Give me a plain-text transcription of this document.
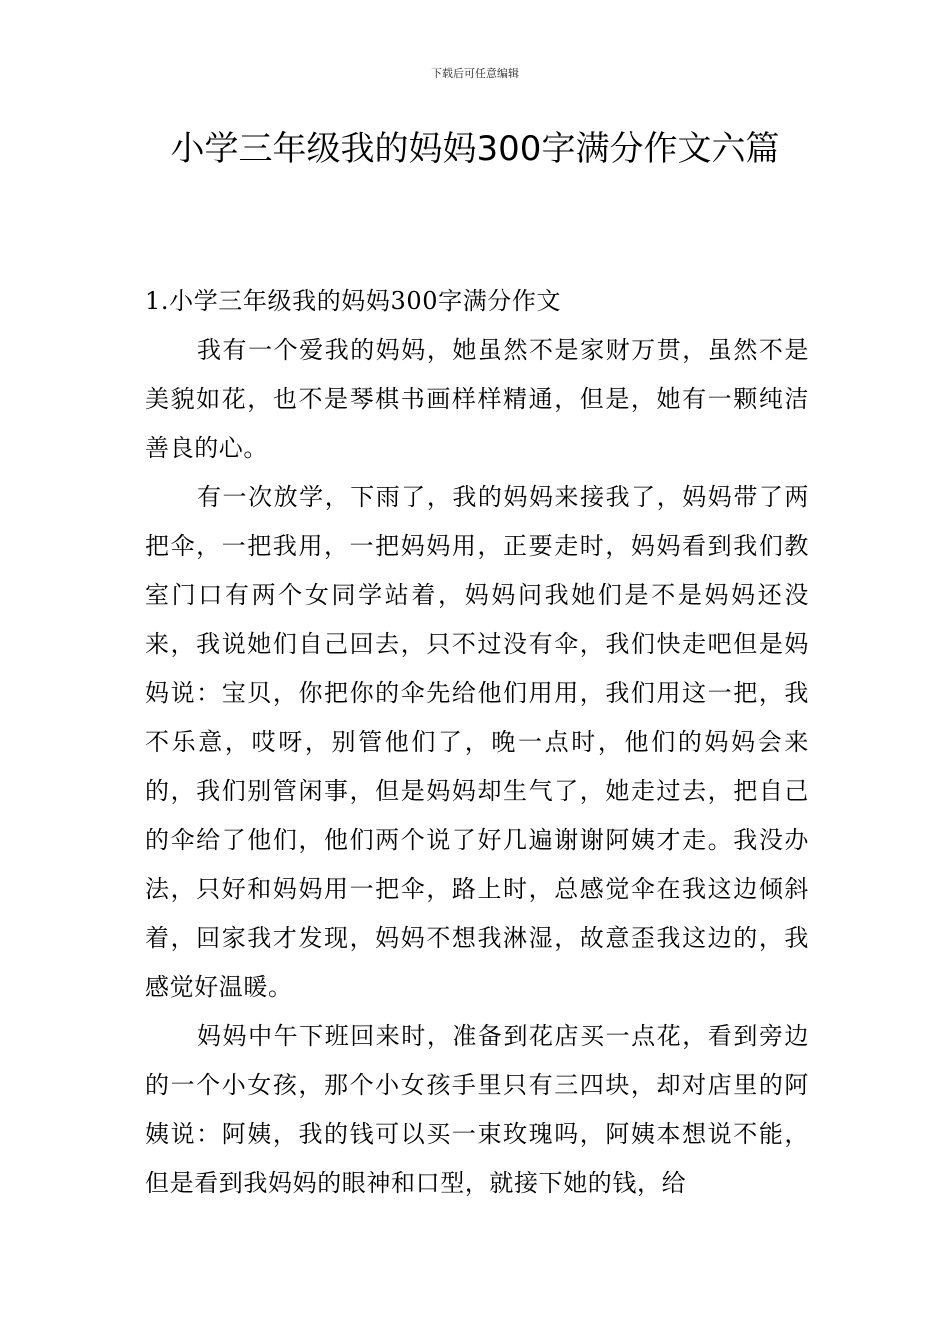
下载后可任意编辑
小学三年级我的妈妈300字满分作文六篇
1.小学三年级我的妈妈300字满分作文

我有一个爱我的妈妈，她虽然不是家财万贯，虽然不是美貌如花，也不是琴棋书画样样精通，但是，她有一颗纯洁善良的心。

有一次放学，下雨了，我的妈妈来接我了，妈妈带了两把伞，一把我用，一把妈妈用，正要走时，妈妈看到我们教室门口有两个女同学站着，妈妈问我她们是不是妈妈还没来，我说她们自己回去，只不过没有伞，我们快走吧但是妈妈说：宝贝，你把你的伞先给他们用用，我们用这一把，我不乐意，哎呀，别管他们了，晚一点时，他们的妈妈会来的，我们别管闲事，但是妈妈却生气了，她走过去，把自己的伞给了他们，他们两个说了好几遍谢谢阿姨才走。我没办法，只好和妈妈用一把伞，路上时，总感觉伞在我这边倾斜着，回家我才发现，妈妈不想我淋湿，故意歪我这边的，我感觉好温暖。

妈妈中午下班回来时，准备到花店买一点花，看到旁边的一个小女孩，那个小女孩手里只有三四块，却对店里的阿姨说：阿姨，我的钱可以买一束玫瑰吗，阿姨本想说不能，但是看到我妈妈的眼神和口型，就接下她的钱，给
